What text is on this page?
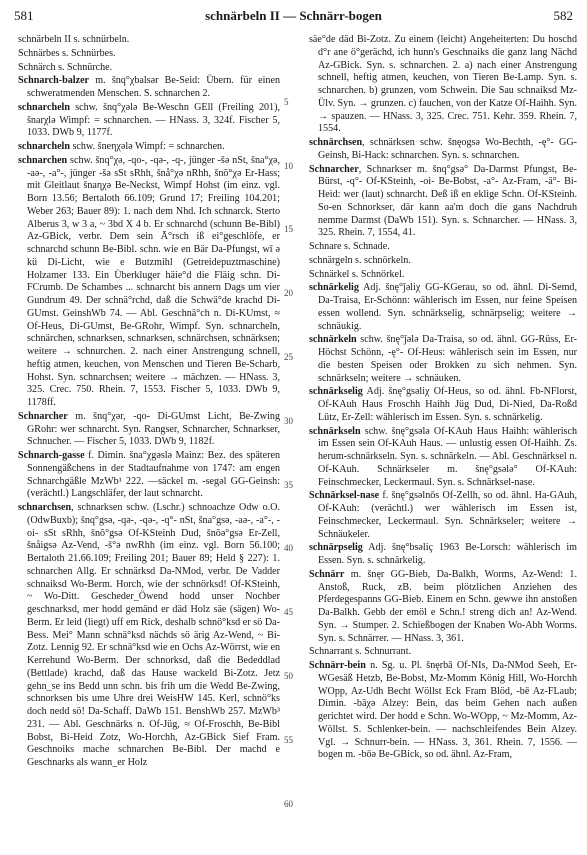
581	schnärbeln II — Schnärr-bogen	582

schnärbeln II s. schnürbeln.

Schnärbes s. Schnürbes.

Schnärch s. Schnürche.

Schnarch-balzer m. šnq°χbalsər Be-Seid: Übern. für einen schweratmenden Menschen. S. schnarchen 2.

schnarcheln schw. šnq°χələ Be-Weschn GEll (Freiling 201), šnarχlə Wimpf: = schnarchen. — HNass. 3, 324f. Fischer 5, 1033. DWb 9, 1177f.

schnarcheln schw. šneηχələ Wimpf: = schnarchen.

schnarchen schw. šnq°χə, -qo-, -qə-, -q-, jünger -šə nSt, šna°χə, -aə-, -a°-, jünger -šə sSt sRhh, šnå°χə nRhh, šnõ°χə Er-Hass; mit Gleitlaut šnaηχə Be-Neckst, Wimpf Hohst (im einz. vgl. Born 13.56; Bertaloth 66.109; Grund 17; Freiling 104.201; Weber 263; Bauer 89): 1. nach dem Nhd. Ich schnarck. Sterto Alberus 3, w 3 a, ~ 3bd X 4 b. Er schnarchd (schunn Be-Bibl) Az-GBick, verbr. Dem sein Ā°rsch iß ei°geschlöfe, er schnarchd schunn Be-Bibl. schn. wie en Bär Da-Pfungst, wī ə kü Di-Licht, wie e Butzmihl (Getreidepuztmaschine) Holzamer 133. Ein Überkluger häie°d die Fläig schn. Di-FCrumb. De Schambes ... schnarcht bis annern Dags um vier Gundrum 49. Der schnä°rchd, daß die Schwä°de krachd Di-GUmst. GeinshWb 74. — Abl. Geschnä°ch n. Di-KUmst, ≈ Of-Heus, Di-GUmst, Be-GRohr, Wimpf. Syn. schnarcheln, schnärchen, schnarksen, schnarksen, schnärchsen, schnärksen; weitere → schnurchen. 2. nach einer Anstrengung schnell, heftig atmen, keuchen, von Menschen und Tieren Be-Scharb, Hohst. Syn. schnarchsen; weitere → mächzen. — HNass. 3, 325. Crec. 750. Rhein. 7, 1553. Fischer 5, 1033. DWb 9, 1178ff.

Schnarcher m. šnq°χər, -qo- Di-GUmst Licht, Be-Zwing GRohr: wer schnarcht. Syn. Rangser, Schnarcher, Schnarkser, Schnucher. — Fischer 5, 1033. DWb 9, 1182f.

Schnarch-gasse f. Dimin. šna°χgəslə Mainz: Bez. des späteren Sonnengäßchens in der Stadtaufnahme von 1747: am engen Schnarchgäßle MzWb¹ 222. —säckel m. -segəl GG-Geinsh: (verächtl.) Langschläfer, der laut schnarcht.

schnarchsen, schnarksen schw. (Lschr.) schnoachze Odw o.O. (OdwBuxb); šnq°gsə, -qə-, -qə-, -q°- nSt, šna°gsə, -aə-, -a°-, -oi- sSt sRhh, šnõ°gsə Of-KSteinh Dud, šnõə°gsə Er-Zell, šnåigsə Az-Vend, -š°ə nwRhh (im einz. vgl. Born 56.100; Bertaloth 21.66.109; Freiling 201; Bauer 89; Held § 227): 1. schnarchen Allg. Er schnärksd Da-NMod, verbr. De Vadder schnaiksd Wo-Berm. Horch, wie der schnörksd! Of-KSteinh, ~ Wo-Ditt. Gescheder_Öwend hodd unser Nochber geschnarksd, mer hodd gemänd er däd Holz säe (sägen) Wo-Berm. Er leid (liegt) uff em Rick, deshalb schnö°ksd er sö Da-Bess. Mei° Mann schnä°ksd nächds sö ärig Az-Wend, ~ Bi-Zotz. Lennig 92. Er schnä°ksd wie en Ochs Az-Wörrst, wie en Kerrehund Wo-Berm. Der schnorksd, daß die Bededdlad (Bettlade) krachd, daß das Hause wackeld Bi-Zotz. Jetz gehn_se ins Bedd unn schn. bis frih um die Wedd Be-Zwing, schnorksen bis ume Uhre drei WeisHW 145. Kerl, schnö°ks doch nedd sö! Da-Schaff. DaWb 151. BenshWb 257. MzWb³ 231. — Abl. Geschnärks n. Of-Jüg, ≈ Of-Froschh, Be-Bibl Bobst, Bi-Heid Zotz, Wo-Horchh, Az-GBick Sief Fram. Geschnoiks mache schnarchen Be-Bibl. Der machd e Geschnarks als wann_er Holz

5
10
15
20
25
30
35
40
45
50
55
60

säe°de däd Bi-Zotz. Zu einem (leicht) Angeheiterten: Du hoschd d°r ane ö°gerächd, ich hunn's Geschnaiks die ganz lang Nächd Az-GBick. Syn. s. schnarchen. 2. a) nach einer Anstrengung schnell, heftig atmen, keuchen, von Tieren Be-Lamp. Syn. s. schnarchen. b) grunzen, vom Schwein. Die Sau schnaiksd Mz-Ülv. Syn. → grunzen. c) fauchen, von der Katze Of-Haihh. Syn. → spauzen. — HNass. 3, 325. Crec. 751. Kehr. 359. Rhein. 7, 1554.

schnärchsen, schnärksen schw. šnęogsə Wo-Bechth, -ę°- GG-Geinsh, Bi-Hack: schnarchen. Syn. s. schnarchen.

Schnarcher, Schnarkser m. šnq°gsə° Da-Darmst Pfungst, Be-Bürst, -q°- Of-KSteinh, -oi- Be-Bobst, -a°- Az-Fram, -ä°- Bi-Heid: wer (laut) schnarcht. Deß iß en eklige Schn. Of-KSteinh. So-en Schnorkser, där kann aa'm doch die gans Nachdruh nemme Darmst (DaWb 151). Syn. s. Schnarcher. — HNass. 3, 325. Rhein. 7, 1554, 41.

Schnare s. Schnade.

schnärgeln s. schnörkeln.

Schnärkel s. Schnörkel.

schnärkelig Adj. šnę°ǰəliχ GG-KGerau, so od. ähnl. Di-Semd, Da-Traisa, Er-Schönn: wählerisch im Essen, nur feine Speisen essen wollend. Syn. schnärkselig, schnärpselig; weitere → schnäukig.

schnärkeln schw. šnę°ǰələ Da-Traisa, so od. ähnl. GG-Rüss, Er-Höchst Schönn, -ę°- Of-Heus: wählerisch sein im Essen, nur die besten Speisen oder Brokken zu sich nehmen. Syn. schnärkseln; weitere → schnäuken.

schnärkselig Adj. šnę°gsəliχ Of-Heus, so od. ähnl. Fb-NFlorst, Of-KAuh Haus Froschh Haihh Jüg Dud, Di-Nied, Da-Roßd Lütz, Er-Zell: wählerisch im Essen. Syn. s. schnärkelig.

schnärkseln schw. šnę°gsələ Of-KAuh Haus Haihh: wählerisch im Essen sein Of-KAuh Haus. — unlustig essen Of-Haihh. Zs. herum-schnärkseln. Syn. s. schnärkeln. — Abl. Geschnärksel n. Of-KAuh. Schnärkseler m. šnę°gsələ° Of-KAuh: Feinschmecker, Leckermaul. Syn. s. Schnärksel-nase.

Schnärksel-nase f. šnę°gsəlnōs Of-Zellh, so od. ähnl. Ha-GAuh, Of-KAuh: (verächtl.) wer wählerisch im Essen ist, Feinschmecker, Leckermaul. Syn. Schnärkseler; weitere → Schnäukeler.

schnärpselig Adj. šnę°bsəliç 1963 Be-Lorsch: wählerisch im Essen. Syn. s. schnärkelig.

Schnärr m. šnęr GG-Bieb, Da-Balkh, Worms, Az-Wend: 1. Anstoß, Ruck, zB. beim plötzlichen Anziehen des Pferdegespanns GG-Bieb. Einem en Schn. gewwe ihn anstoßen Da-Balkh. Gebb der emöl e Schn.! streng dich an! Az-Wend. Syn. → Stumper. 2. Schießbogen der Knaben Wo-Abh Worms. Syn. s. Schnärrer. — HNass. 3, 361.

Schnarrant s. Schnurrant.

Schnärr-bein n. Sg. u. Pl. šnęrbā Of-NIs, Da-NMod Seeh, Er-WGesäß Hetzb, Be-Bobst, Mz-Momm König Hill, Wo-Horchh WOpp, Az-Udh Becht Wöllst Eck Fram Blöd, -bē Az-FLaub; Dimin. -bāχə Alzey: Bein, das beim Gehen nach außen gerichtet wird. Der hodd e Schn. Wo-WOpp, ~ Mz-Momm, Az-Wöllst. S. Schlenker-bein. — nachschleifendes Bein Alzey. Vgl. → Schnurr-bein. — HNass. 3, 361. Rhein. 7, 1556. —bogen m. -bōə Be-GBick, so od. ähnl. Az-Fram,
